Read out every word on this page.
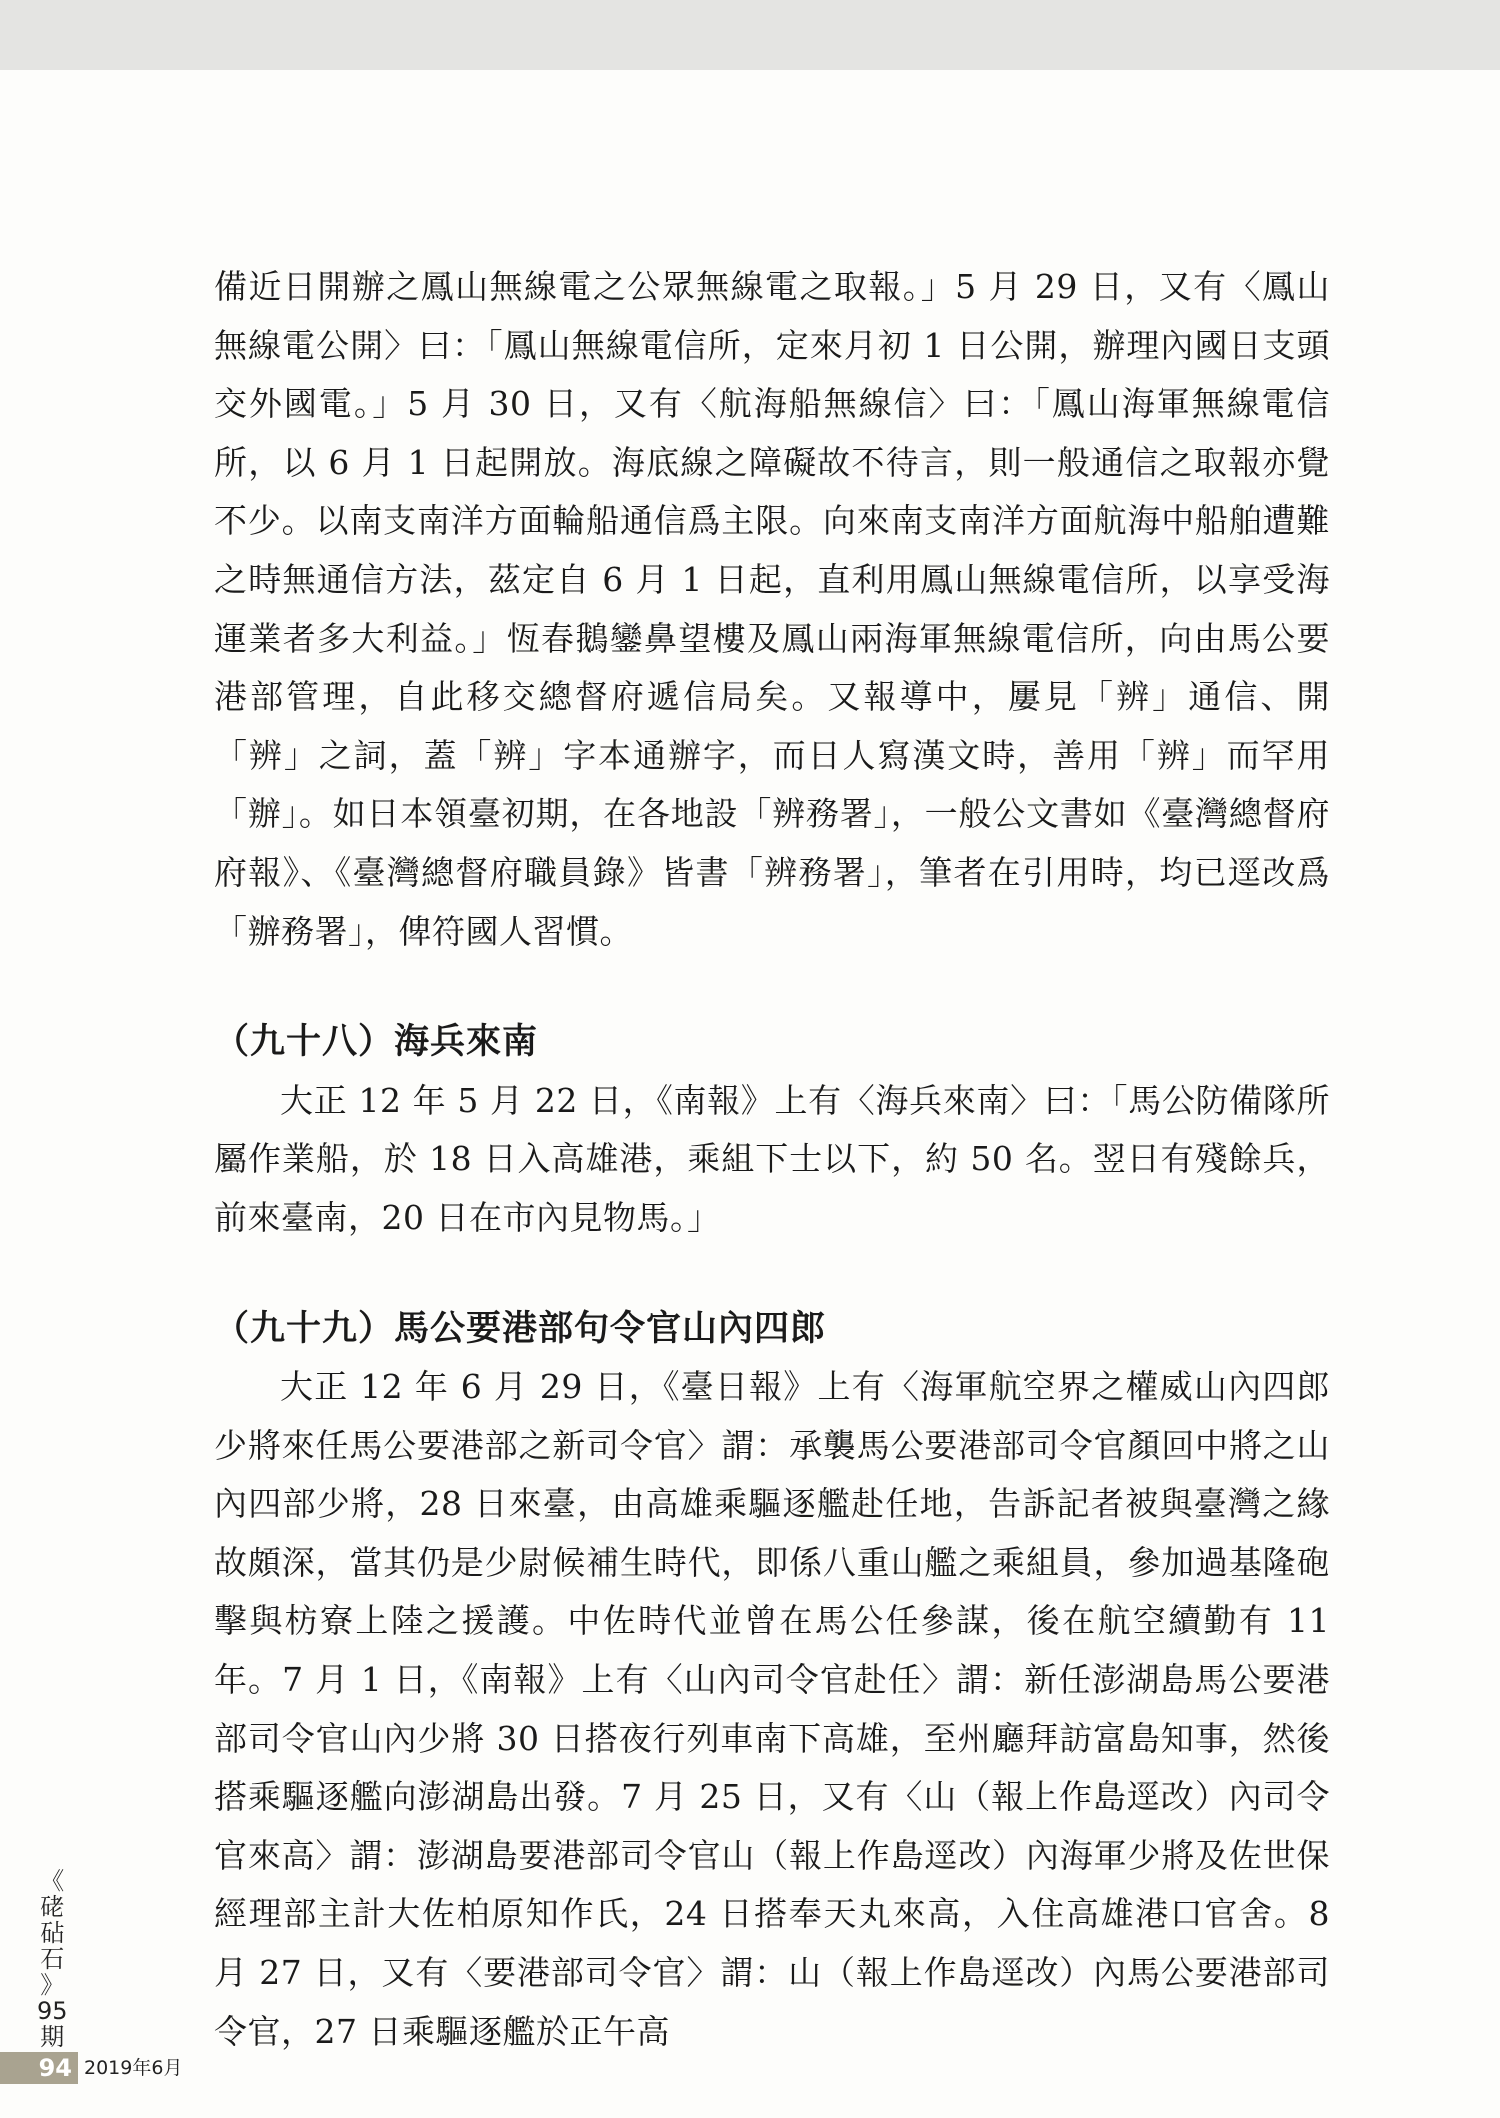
備近日開辦之鳳山無線電之公眾無線電之取報。」5 月 29 日，又有〈鳳山無線電公開〉曰：「鳳山無線電信所，定來月初 1 日公開，辦理內國日支頭交外國電。」5 月 30 日，又有〈航海船無線信〉曰：「鳳山海軍無線電信所，以 6 月 1 日起開放。海底線之障礙故不待言，則一般通信之取報亦覺不少。以南支南洋方面輪船通信爲主限。向來南支南洋方面航海中船舶遭難之時無通信方法，茲定自 6 月 1 日起，直利用鳳山無線電信所，以享受海運業者多大利益。」恆春鵝鑾鼻望樓及鳳山兩海軍無線電信所，向由馬公要港部管理，自此移交總督府遞信局矣。又報導中，屢見「辨」通信、開「辨」之詞，蓋「辨」字本通辦字，而日人寫漢文時，善用「辨」而罕用「辦」。如日本領臺初期，在各地設「辨務署」，一般公文書如《臺灣總督府府報》、《臺灣總督府職員錄》皆書「辨務署」，筆者在引用時，均已逕改爲「辦務署」，俾符國人習慣。

（九十八）海兵來南

大正 12 年 5 月 22 日，《南報》上有〈海兵來南〉曰：「馬公防備隊所屬作業船，於 18 日入高雄港，乘組下士以下，約 50 名。翌日有殘餘兵，前來臺南，20 日在市內見物馬。」

（九十九）馬公要港部句令官山內四郎

大正 12 年 6 月 29 日，《臺日報》上有〈海軍航空界之權威山內四郎少將來任馬公要港部之新司令官〉謂：承襲馬公要港部司令官顏回中將之山內四部少將，28 日來臺，由高雄乘驅逐艦赴任地，告訴記者被與臺灣之緣故頗深，當其仍是少尉候補生時代，即係八重山艦之乘組員，參加過基隆砲擊與枋寮上陸之援護。中佐時代並曾在馬公任參謀，後在航空續勤有 11 年。7 月 1 日，《南報》上有〈山內司令官赴任〉謂：新任澎湖島馬公要港部司令官山內少將 30 日搭夜行列車南下高雄，至州廳拜訪富島知事，然後搭乘驅逐艦向澎湖島出發。7 月 25 日，又有〈山（報上作島逕改）內司令官來高〉謂：澎湖島要港部司令官山（報上作島逕改）內海軍少將及佐世保經理部主計大佐柏原知作氏，24 日搭奉天丸來高，入住高雄港口官舍。8 月 27 日，又有〈要港部司令官〉謂：山（報上作島逕改）內馬公要港部司令官，27 日乘驅逐艦於正午高

《
硓
砧
石
》
95
期
94 2019年6月
